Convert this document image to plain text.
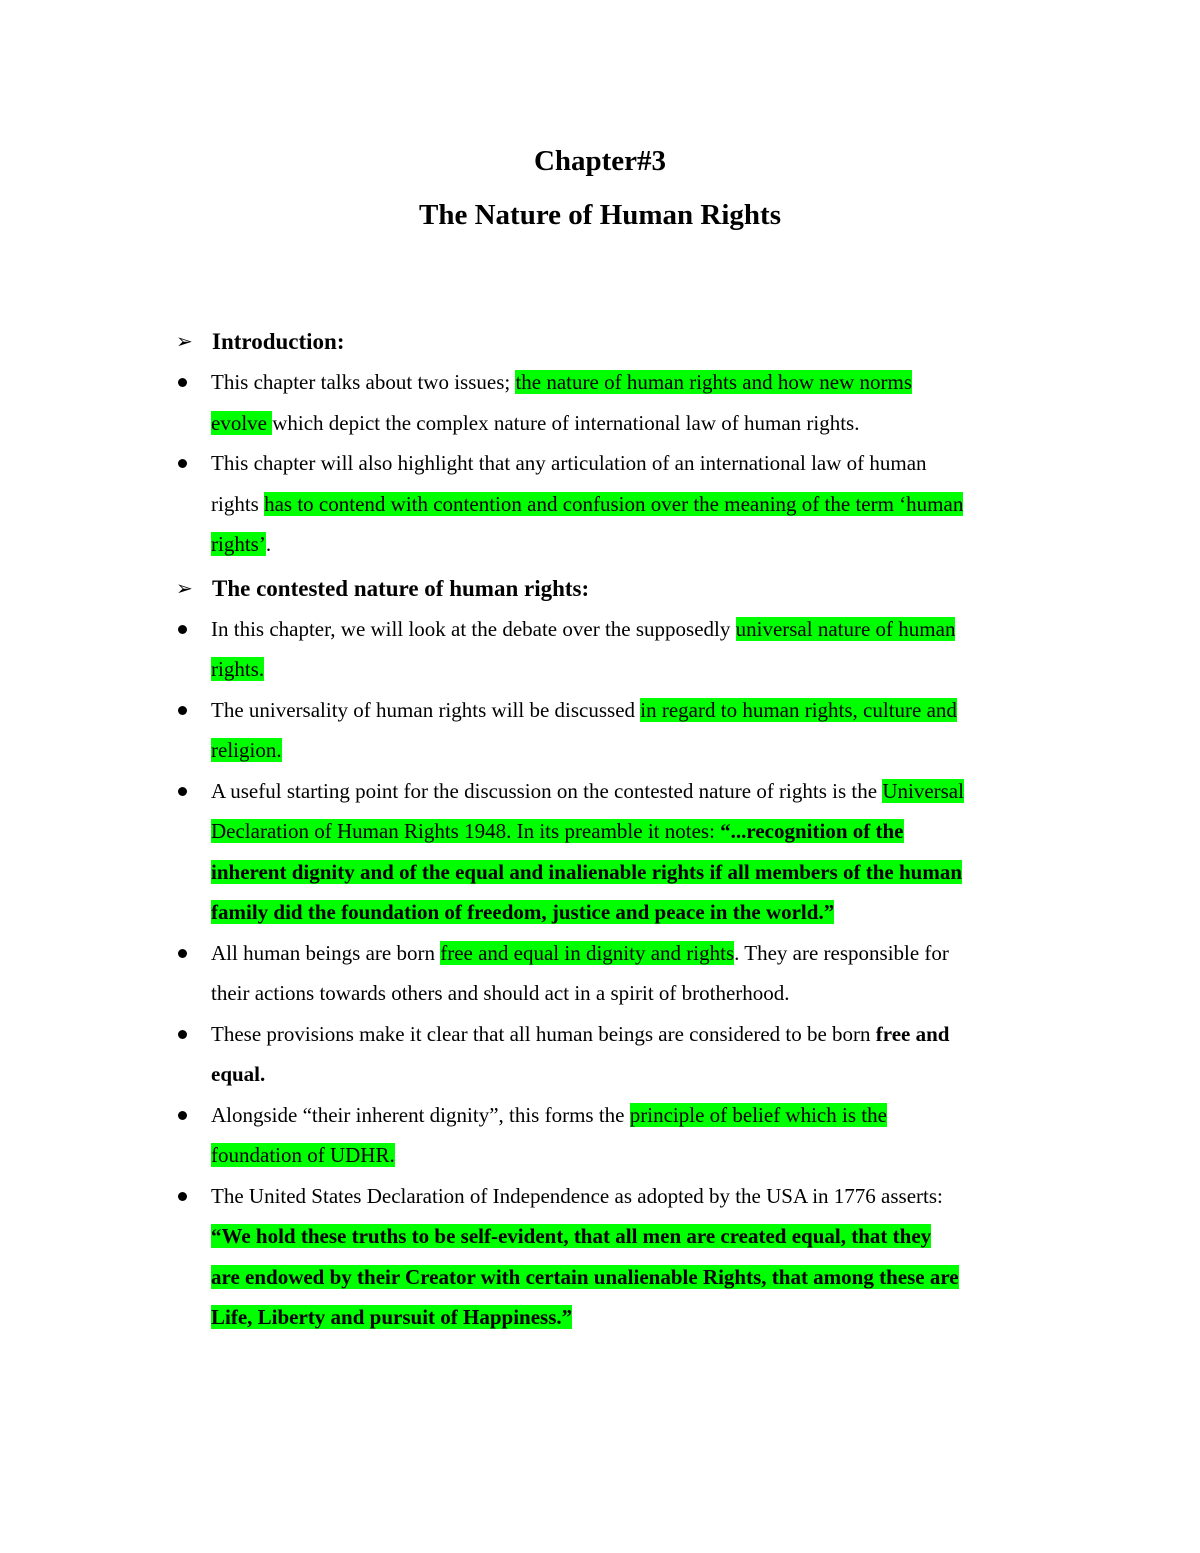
Chapter#3
The Nature of Human Rights
➢ Introduction:
This chapter talks about two issues; the nature of human rights and how new norms
evolve which depict the complex nature of international law of human rights.
This chapter will also highlight that any articulation of an international law of human
rights has to contend with contention and confusion over the meaning of the term ‘human
rights’.
➢ The contested nature of human rights:
In this chapter, we will look at the debate over the supposedly universal nature of human
rights.
The universality of human rights will be discussed in regard to human rights, culture and
religion.
A useful starting point for the discussion on the contested nature of rights is the Universal
Declaration of Human Rights 1948. In its preamble it notes: “...recognition of the
inherent dignity and of the equal and inalienable rights if all members of the human
family did the foundation of freedom, justice and peace in the world.”
All human beings are born free and equal in dignity and rights. They are responsible for
their actions towards others and should act in a spirit of brotherhood.
These provisions make it clear that all human beings are considered to be born free and
equal.
Alongside “their inherent dignity”, this forms the principle of belief which is the
foundation of UDHR.
The United States Declaration of Independence as adopted by the USA in 1776 asserts:
“We hold these truths to be self-evident, that all men are created equal, that they
are endowed by their Creator with certain unalienable Rights, that among these are
Life, Liberty and pursuit of Happiness.”
